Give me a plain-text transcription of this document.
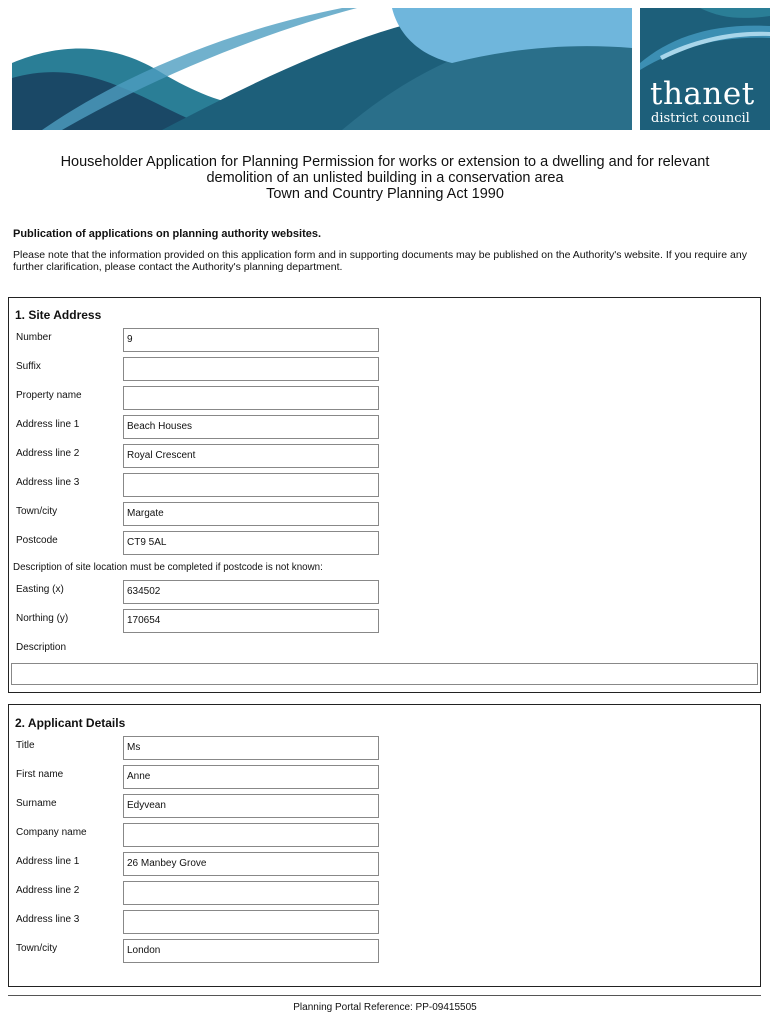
thanet
district council
Householder Application for Planning Permission for works or extension to a dwelling and for relevant
demolition of an unlisted building in a conservation area
Town and Country Planning Act 1990
Publication of applications on planning authority websites.
Please note that the information provided on this application form and in supporting documents may be published on the Authority's website. If you require any further clarification, please contact the Authority's planning department.
1. Site Address
Number	9
Suffix
Property name
Address line 1	Beach Houses
Address line 2	Royal Crescent
Address line 3
Town/city	Margate
Postcode	CT9 5AL
Description of site location must be completed if postcode is not known:
Easting (x)	634502
Northing (y)	170654
Description
2. Applicant Details
Title	Ms
First name	Anne
Surname	Edyvean
Company name
Address line 1	26 Manbey Grove
Address line 2
Address line 3
Town/city	London
Planning Portal Reference: PP-09415505
